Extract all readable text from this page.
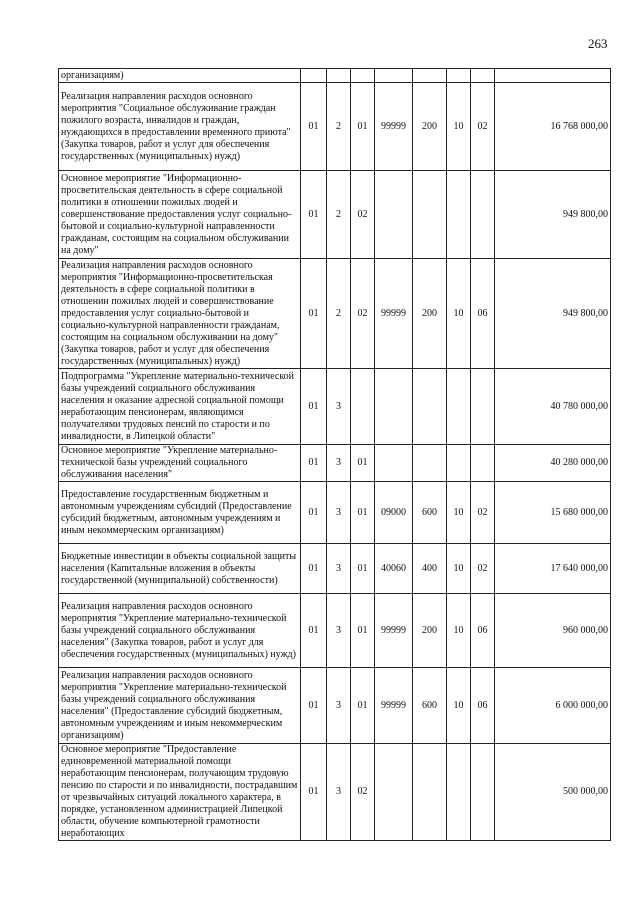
263
организациям)								
Реализация направления расходов основного мероприятия "Социальное обслуживание граждан пожилого возраста, инвалидов и граждан, нуждающихся в предоставлении временного приюта" (Закупка товаров, работ и услуг для обеспечения государственных (муниципальных) нужд)	01	2	01	99999	200	10	02	16 768 000,00
Основное мероприятие "Информационно-просветительская деятельность в сфере социальной политики в отношении пожилых людей и совершенствование предоставления услуг социально-бытовой и социально-культурной направленности гражданам, состоящим на социальном обслуживании на дому"	01	2	02					949 800,00
Реализация направления расходов основного мероприятия "Информационно-просветительская деятельность в сфере социальной политики в отношении пожилых людей и совершенствование предоставления услуг социально-бытовой и социально-культурной направленности гражданам, состоящим на социальном обслуживании на дому" (Закупка товаров, работ и услуг для обеспечения государственных (муниципальных) нужд)	01	2	02	99999	200	10	06	949 800,00
Подпрограмма "Укрепление материально-технической базы учреждений социального обслуживания населения и оказание адресной социальной помощи неработающим пенсионерам, являющимся получателями трудовых пенсий по старости и по инвалидности, в Липецкой области"	01	3						40 780 000,00
Основное мероприятие "Укрепление материально-технической базы учреждений социального обслуживания населения"	01	3	01					40 280 000,00
Предоставление государственным бюджетным и автономным учреждениям субсидий (Предоставление субсидий бюджетным, автономным учреждениям и иным некоммерческим организациям)	01	3	01	09000	600	10	02	15 680 000,00
Бюджетные инвестиции в объекты социальной защиты населения (Капитальные вложения в объекты государственной (муниципальной) собственности)	01	3	01	40060	400	10	02	17 640 000,00
Реализация направления расходов основного мероприятия "Укрепление материально-технической базы учреждений социального обслуживания населения" (Закупка товаров, работ и услуг для обеспечения государственных (муниципальных) нужд)	01	3	01	99999	200	10	06	960 000,00
Реализация направления расходов основного мероприятия "Укрепление материально-технической базы учреждений социального обслуживания населения" (Предоставление субсидий бюджетным, автономным учреждениям и иным некоммерческим организациям)	01	3	01	99999	600	10	06	6 000 000,00
Основное мероприятие "Предоставление единовременной материальной помощи неработающим пенсионерам, получающим трудовую пенсию по старости и по инвалидности, пострадавшим от чрезвычайных ситуаций локального характера, в порядке, установленном администрацией Липецкой области, обучение компьютерной грамотности неработающих	01	3	02					500 000,00
